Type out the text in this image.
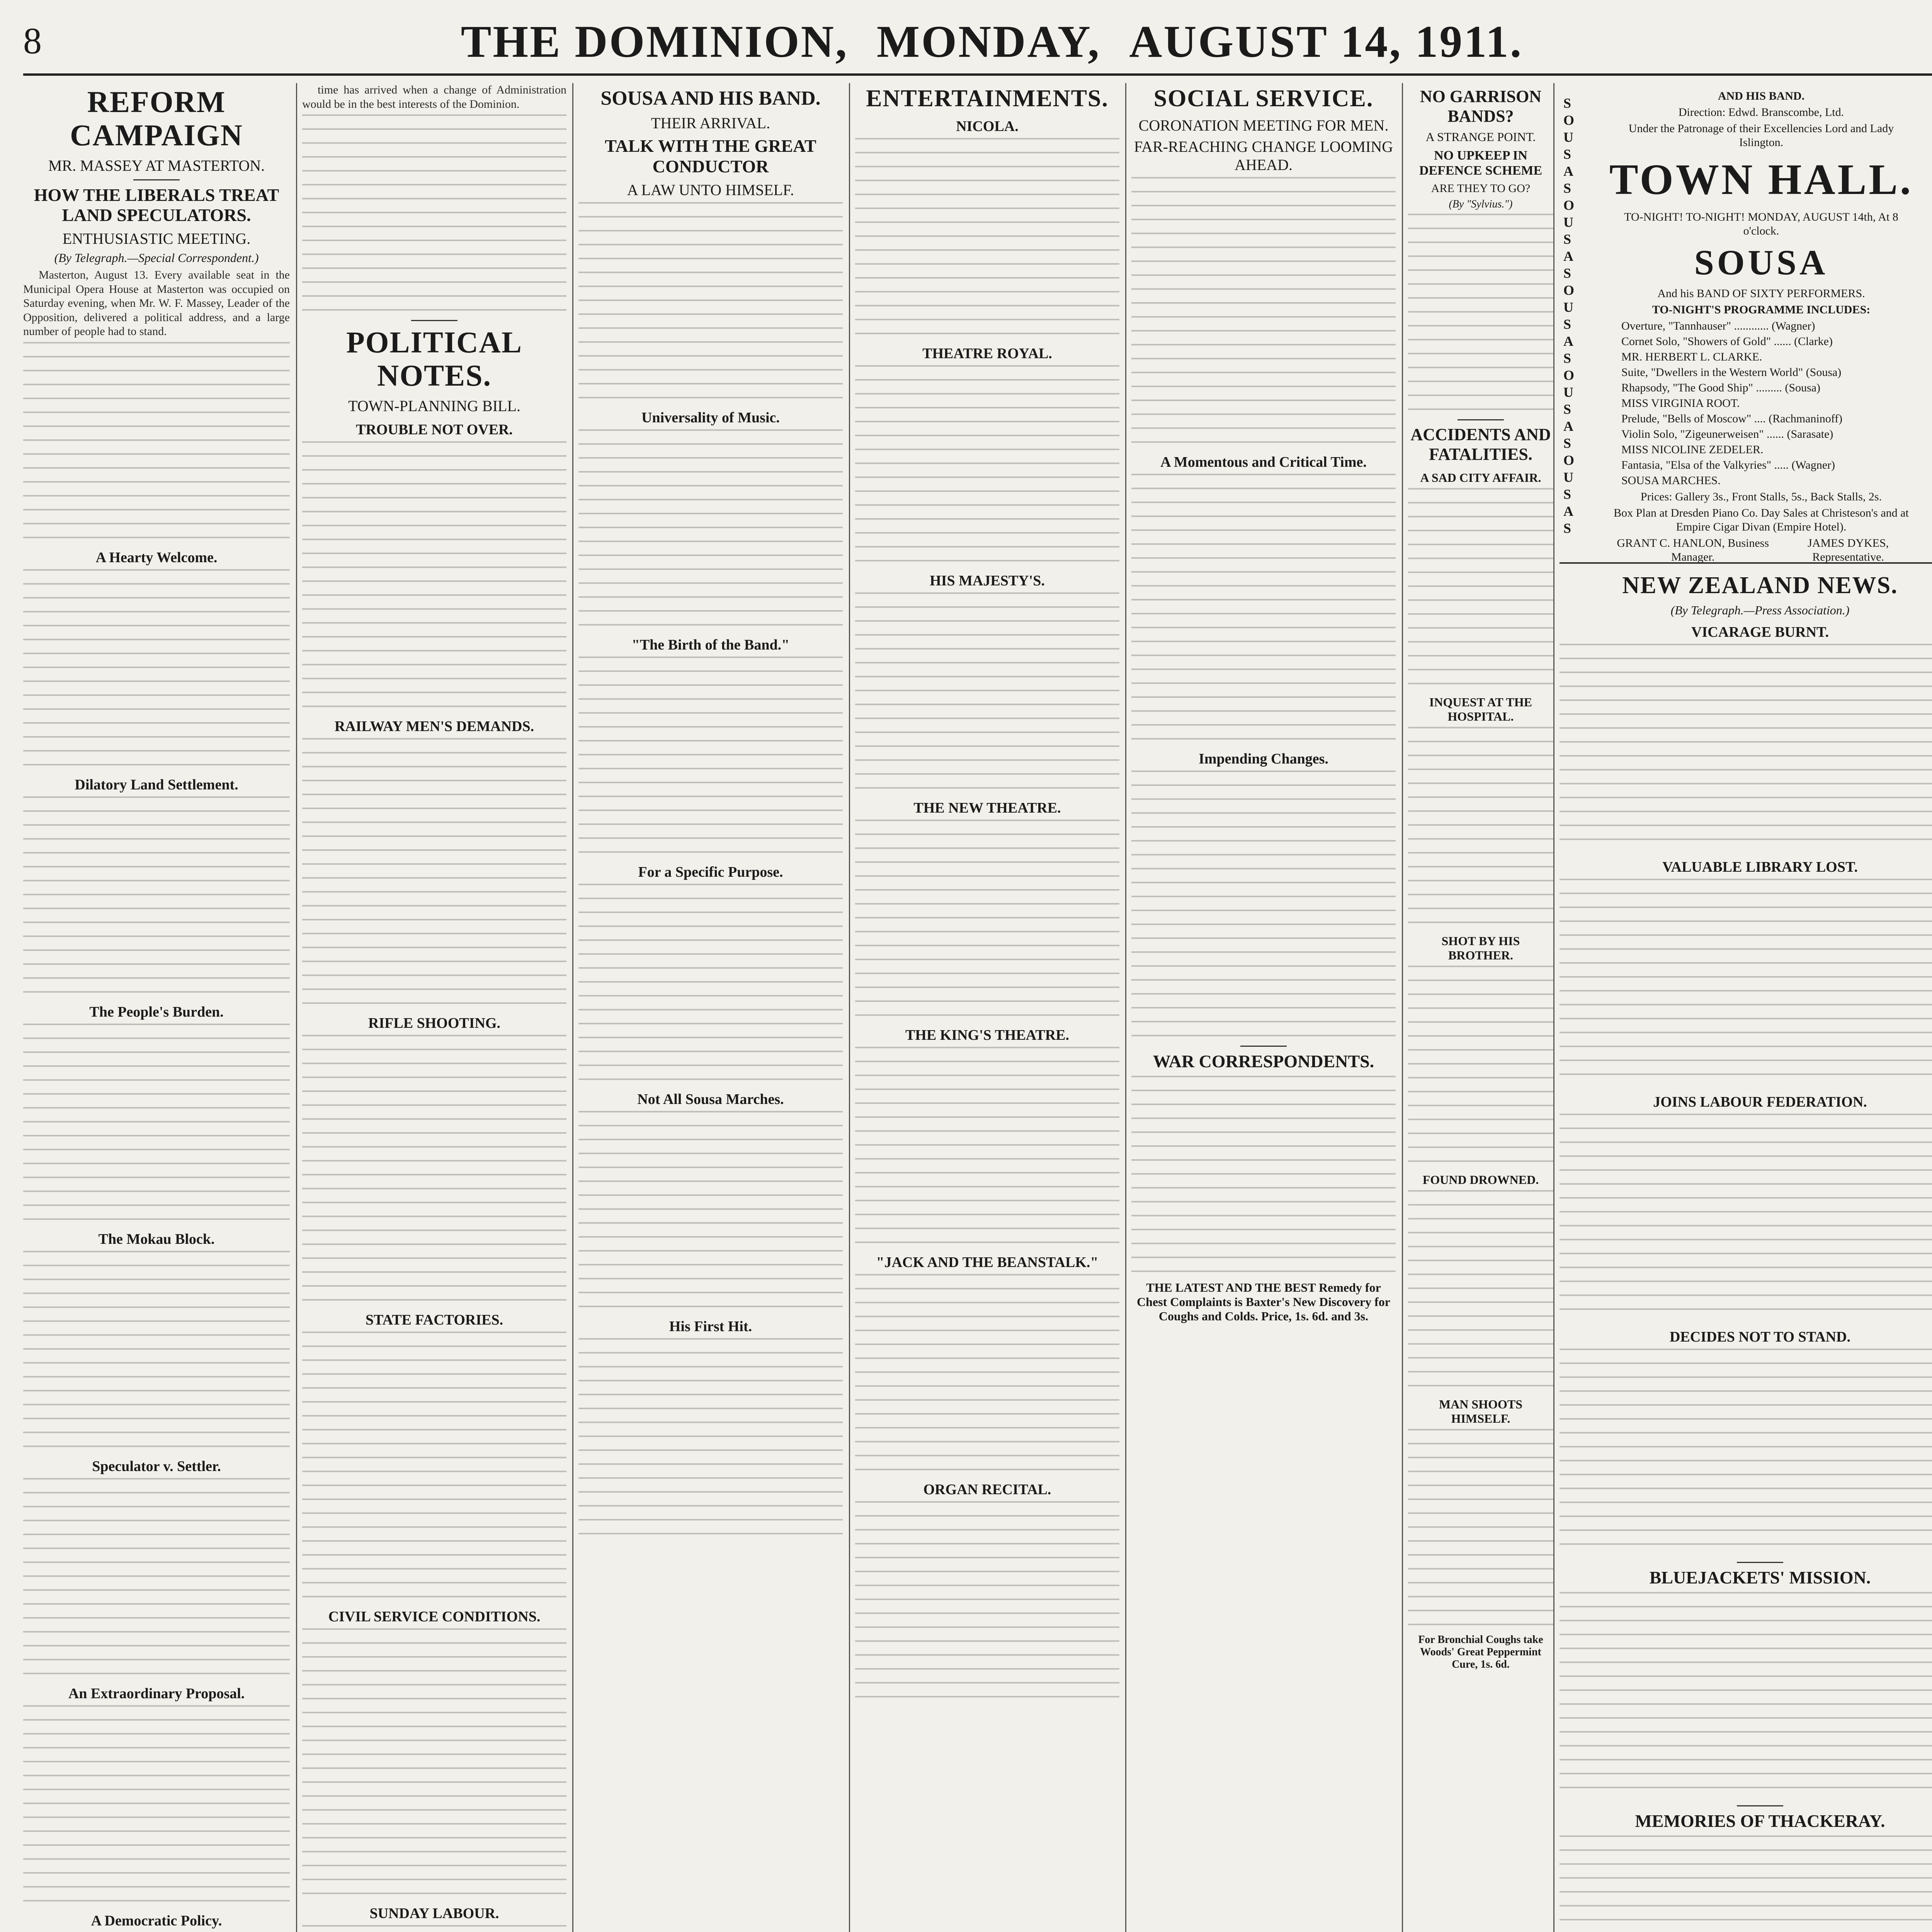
8	THE DOMINION, MONDAY, AUGUST 14, 1911.
REFORM CAMPAIGN
MR. MASSEY AT MASTERTON.
HOW THE LIBERALS TREAT LAND SPECULATORS.
ENTHUSIASTIC MEETING.
(By Telegraph.—Special Correspondent.)

Masterton, August 13. Every available seat in the Municipal Opera House at Masterton was occupied on Saturday evening, when Mr. W. F. Massey, Leader of the Opposition, delivered a political address, and a large number of people had to stand.

A Hearty Welcome.
Dilatory Land Settlement.
The People's Burden.
The Mokau Block.
Speculator v. Settler.
An Extraordinary Proposal.
A Democratic Policy.

time has arrived when a change of Administration would be in the best interests of the Dominion.

POLITICAL NOTES.
TOWN-PLANNING BILL.
TROUBLE NOT OVER.
RAILWAY MEN'S DEMANDS.
RIFLE SHOOTING.
STATE FACTORIES.
CIVIL SERVICE CONDITIONS.
SUNDAY LABOUR.
SOUSA AND HIS BAND.
THEIR ARRIVAL.
TALK WITH THE GREAT CONDUCTOR
A LAW UNTO HIMSELF.
Universality of Music.
"The Birth of the Band."
For a Specific Purpose.
Not All Sousa Marches.
His First Hit.
ENTERTAINMENTS.
NICOLA.
THEATRE ROYAL.
HIS MAJESTY'S.
THE NEW THEATRE.
THE KING'S THEATRE.
"JACK AND THE BEANSTALK."
ORGAN RECITAL.
SOCIAL SERVICE.
CORONATION MEETING FOR MEN.
FAR-REACHING CHANGE LOOMING AHEAD.
A Momentous and Critical Time.
Impending Changes.
WAR CORRESPONDENTS.
THE LATEST AND THE BEST Remedy for Chest Complaints is Baxter's New Discovery for Coughs and Colds. Price, 1s. 6d. and 3s.
S
O
U
S
A
S
O
U
S
A
S
O
U
S
A
S
O
U
S
A
S
O
U
S
A
S
AND HIS BAND.
Direction: Edwd. Branscombe, Ltd.
Under the Patronage of their Excellencies Lord and Lady Islington.
TOWN HALL.
TO-NIGHT! TO-NIGHT! MONDAY, AUGUST 14th, At 8 o'clock.
SOUSA
And his BAND OF SIXTY PERFORMERS.
TO-NIGHT'S PROGRAMME INCLUDES:
Overture, "Tannhauser" ............ (Wagner)
Cornet Solo, "Showers of Gold" ...... (Clarke)
MR. HERBERT L. CLARKE.
Suite, "Dwellers in the Western World" (Sousa)
Rhapsody, "The Good Ship" ......... (Sousa)
MISS VIRGINIA ROOT.
Prelude, "Bells of Moscow" .... (Rachmaninoff)
Violin Solo, "Zigeunerweisen" ...... (Sarasate)
MISS NICOLINE ZEDELER.
Fantasia, "Elsa of the Valkyries" ..... (Wagner)
SOUSA MARCHES.
Prices: Gallery 3s., Front Stalls, 5s., Back Stalls, 2s.
Box Plan at Dresden Piano Co. Day Sales at Christeson's and at Empire Cigar Divan (Empire Hotel).
GRANT C. HANLON, Business Manager.
JAMES DYKES, Representative.
NO GARRISON BANDS?
A STRANGE POINT.
NO UPKEEP IN DEFENCE SCHEME
ARE THEY TO GO?
(By "Sylvius.")
ACCIDENTS AND FATALITIES.
A SAD CITY AFFAIR.
INQUEST AT THE HOSPITAL.
SHOT BY HIS BROTHER.
FOUND DROWNED.
MAN SHOOTS HIMSELF.
For Bronchial Coughs take Woods' Great Peppermint Cure, 1s. 6d.
NEW ZEALAND NEWS.
(By Telegraph.—Press Association.)
VICARAGE BURNT.
VALUABLE LIBRARY LOST.
JOINS LABOUR FEDERATION.
DECIDES NOT TO STAND.
BLUEJACKETS' MISSION.
MEMORIES OF THACKERAY.
